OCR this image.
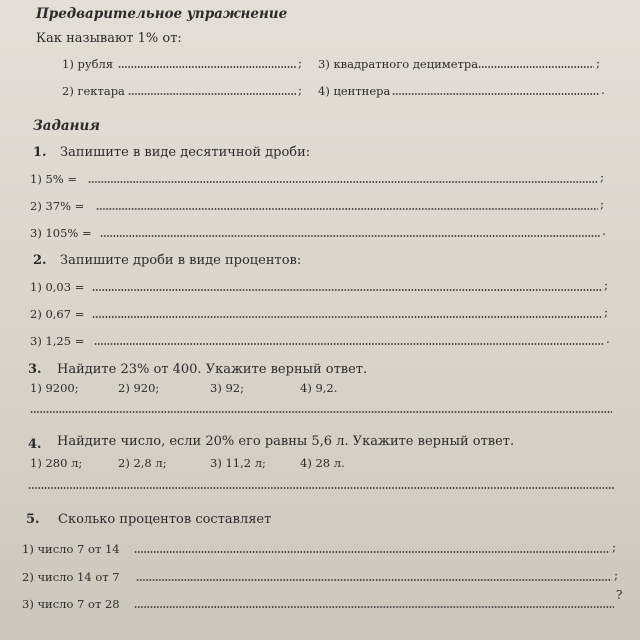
Предварительное упражнение
Как называют 1% от:
1) рубля	; 3) квадратного дециметра	;
2) гектара	; 4) центнера	.
Задания
1. Запишите в виде десятичной дроби:
1) 5% =	;
2) 37% =	;
3) 105% =	.
2. Запишите дроби в виде процентов:
1) 0,03 =	;
2) 0,67 =	;
3) 1,25 =	.
3. Найдите 23% от 400. Укажите верный ответ.
1) 9200;	2) 920;	3) 92;	4) 9,2.
4. Найдите число, если 20% его равны 5,6 л. Укажите верный ответ.
1) 280 л;	2) 2,8 л;	3) 11,2 л;	4) 28 л.
5. Сколько процентов составляет
1) число 7 от 14	;
2) число 14 от 7	;
3) число 7 от 28
?
